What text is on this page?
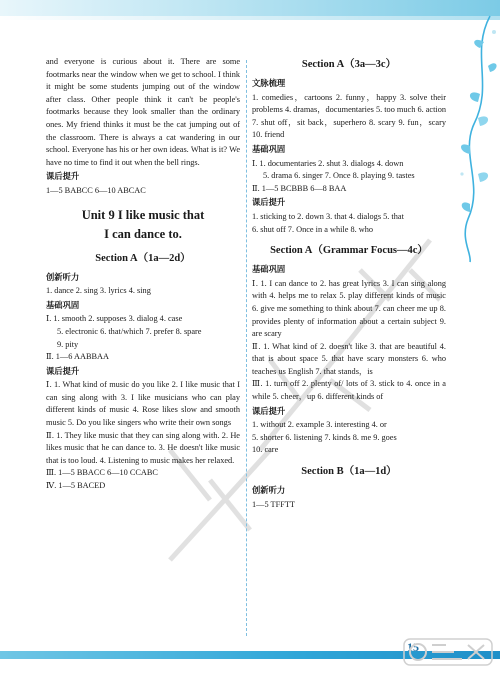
and everyone is curious about it. There are some footmarks near the window when we get to school. I think it might be some students jumping out of the window after class. Other people think it can't be people's footmarks because they look smaller than the ordinary ones. My friend thinks it must be the cat jumping out of the classroom. There is always a cat wandering in our school. Everyone has his or her own ideas. What is it? We have no time to find it out when the bell rings.

课后提升

1—5 BABCC 6—10 ABCAC

Unit 9 I like music that
I can dance to.
Section A（1a—2d）

创新听力

1. dance 2. sing 3. lyrics 4. sing

基础巩固

Ⅰ. 1. smooth 2. supposes 3. dialog 4. case

5. electronic 6. that/which 7. prefer 8. spare

9. pity

Ⅱ. 1—6 AABBAA

课后提升

Ⅰ. 1. What kind of music do you like 2. I like music that I can sing along with 3. I like musicians who can play different kinds of music 4. Rose likes slow and smooth music 5. Do you like singers who write their own songs

Ⅱ. 1. They like music that they can sing along with. 2. He likes music that he can dance to. 3. He doesn't like music that is too loud. 4. Listening to music makes her relaxed.

Ⅲ. 1—5 BBACC 6—10 CCABC

Ⅳ. 1—5 BACED

Section A（3a—3c）

文脉梳理

1. comedies，cartoons 2. funny，happy 3. solve their problems 4. dramas，documentaries 5. too much 6. action 7. shut off，sit back，superhero 8. scary 9. fun，scary 10. friend

基础巩固

Ⅰ. 1. documentaries 2. shut 3. dialogs 4. down

5. drama 6. singer 7. Once 8. playing 9. tastes

Ⅱ. 1—5 BCBBB 6—8 BAA

课后提升

1. sticking to 2. down 3. that 4. dialogs 5. that

6. shut off 7. Once in a while 8. who

Section A（Grammar Focus—4c）

基础巩固

Ⅰ. 1. I can dance to 2. has great lyrics 3. I can sing along with 4. helps me to relax 5. play different kinds of music 6. give me something to think about 7. can cheer me up 8. provides plenty of information about a certain subject 9. are scary

Ⅱ. 1. What kind of 2. doesn't like 3. that are beautiful 4. that is about space 5. that have scary monsters 6. who teaches us English 7. that stands，is

Ⅲ. 1. turn off 2. plenty of/ lots of 3. stick to 4. once in a while 5. cheer，up 6. different kinds of

课后提升

1. without 2. example 3. interesting 4. or

5. shorter 6. listening 7. kinds 8. me 9. goes

10. care

Section B（1a—1d）

创新听力

1—5 TFFTT

15
